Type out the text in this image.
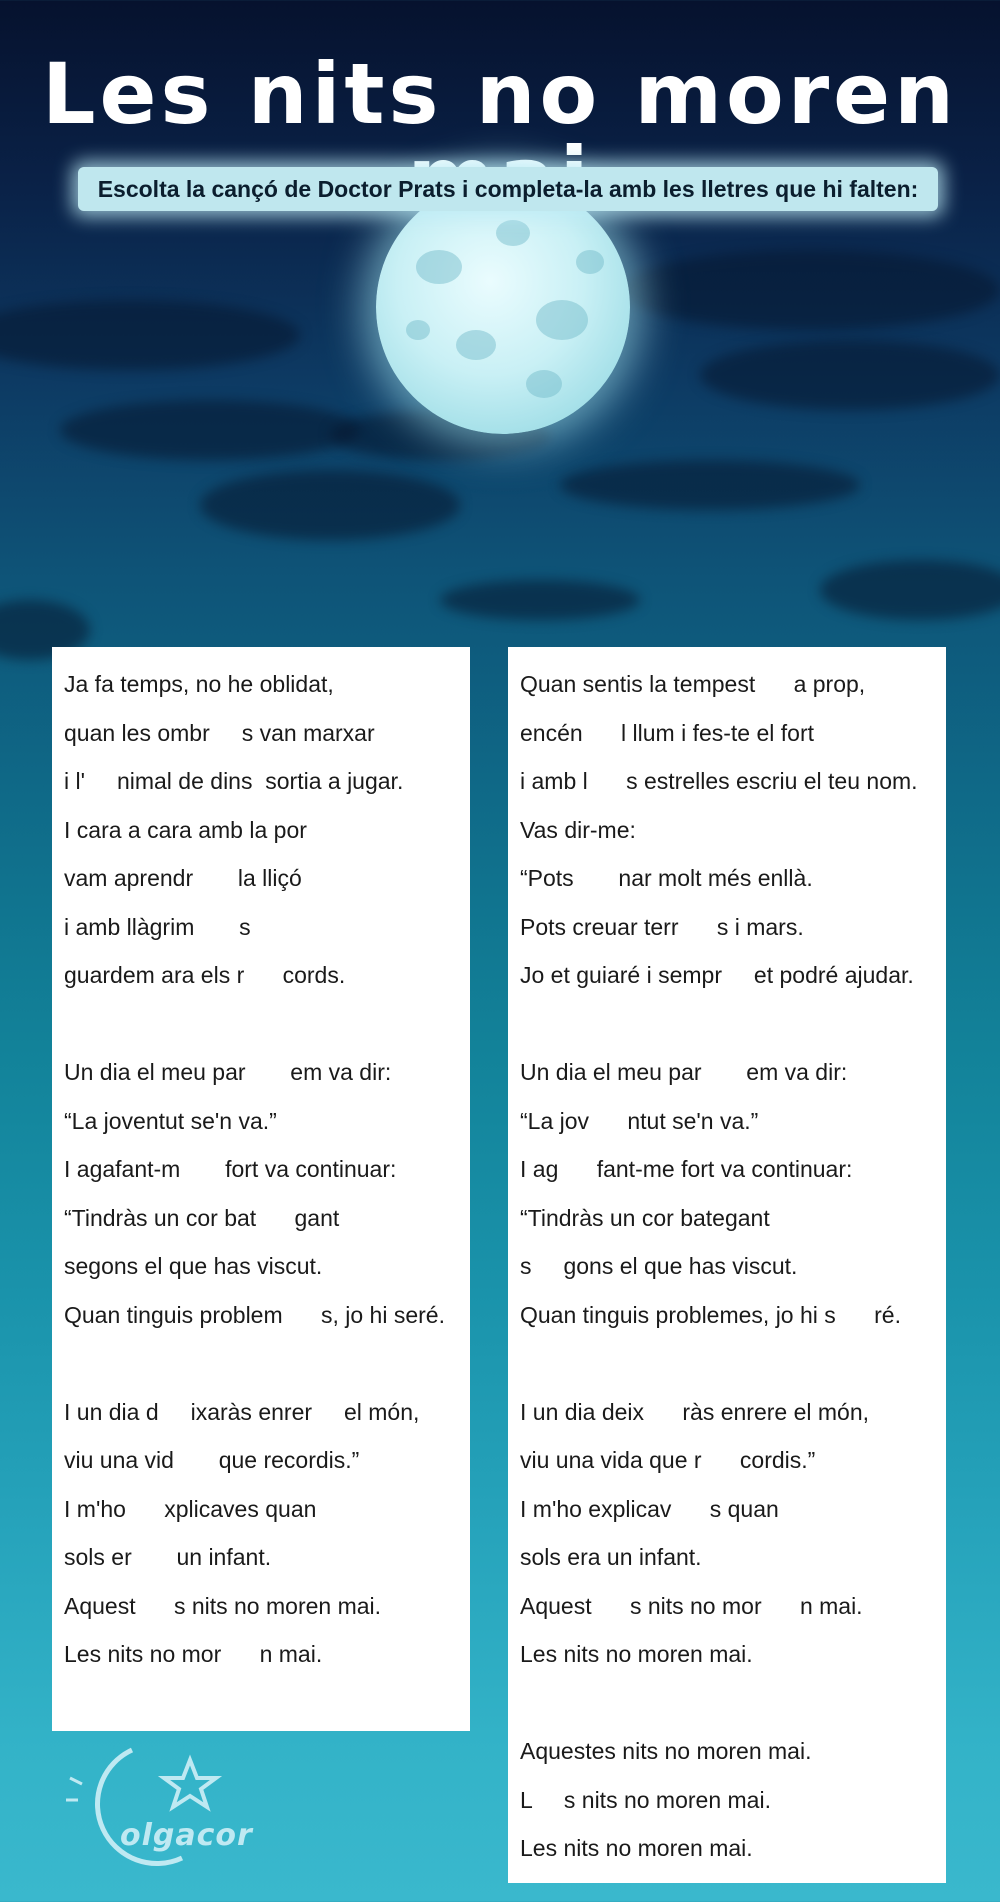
Les nits no moren
Escolta la cançó de Doctor Prats i completa-la amb les lletres que hi falten:
Ja fa temps, no he oblidat,
quan les ombr     s van marxar
i l'     nimal de dins  sortia a jugar.
I cara a cara amb la por
vam aprendr       la lliçó
i amb llàgrim       s
guardem ara els r      cords.
Un dia el meu par       em va dir:
“La joventut se'n va.”
I agafant-m       fort va continuar:
“Tindràs un cor bat      gant
segons el que has viscut.
Quan tinguis problem      s, jo hi seré.
I un dia d     ixaràs enrer     el món,
viu una vid       que recordis.”
I m'ho      xplicaves quan
sols er       un infant.
Aquest      s nits no moren mai.
Les nits no mor      n mai.
Quan sentis la tempest      a prop,
encén      l llum i fes-te el fort
i amb l      s estrelles escriu el teu nom.
Vas dir-me:
“Pots       nar molt més enllà.
Pots creuar terr      s i mars.
Jo et guiaré i sempr     et podré ajudar.
Un dia el meu par       em va dir:
“La jov      ntut se'n va.”
I ag      fant-me fort va continuar:
“Tindràs un cor bategant
s     gons el que has viscut.
Quan tinguis problemes, jo hi s      ré.
I un dia deix      ràs enrere el món,
viu una vida que r      cordis.”
I m'ho explicav      s quan
sols era un infant.
Aquest      s nits no mor      n mai.
Les nits no moren mai.
Aquestes nits no moren mai.
L     s nits no moren mai.
Les nits no moren mai.
olgacor
